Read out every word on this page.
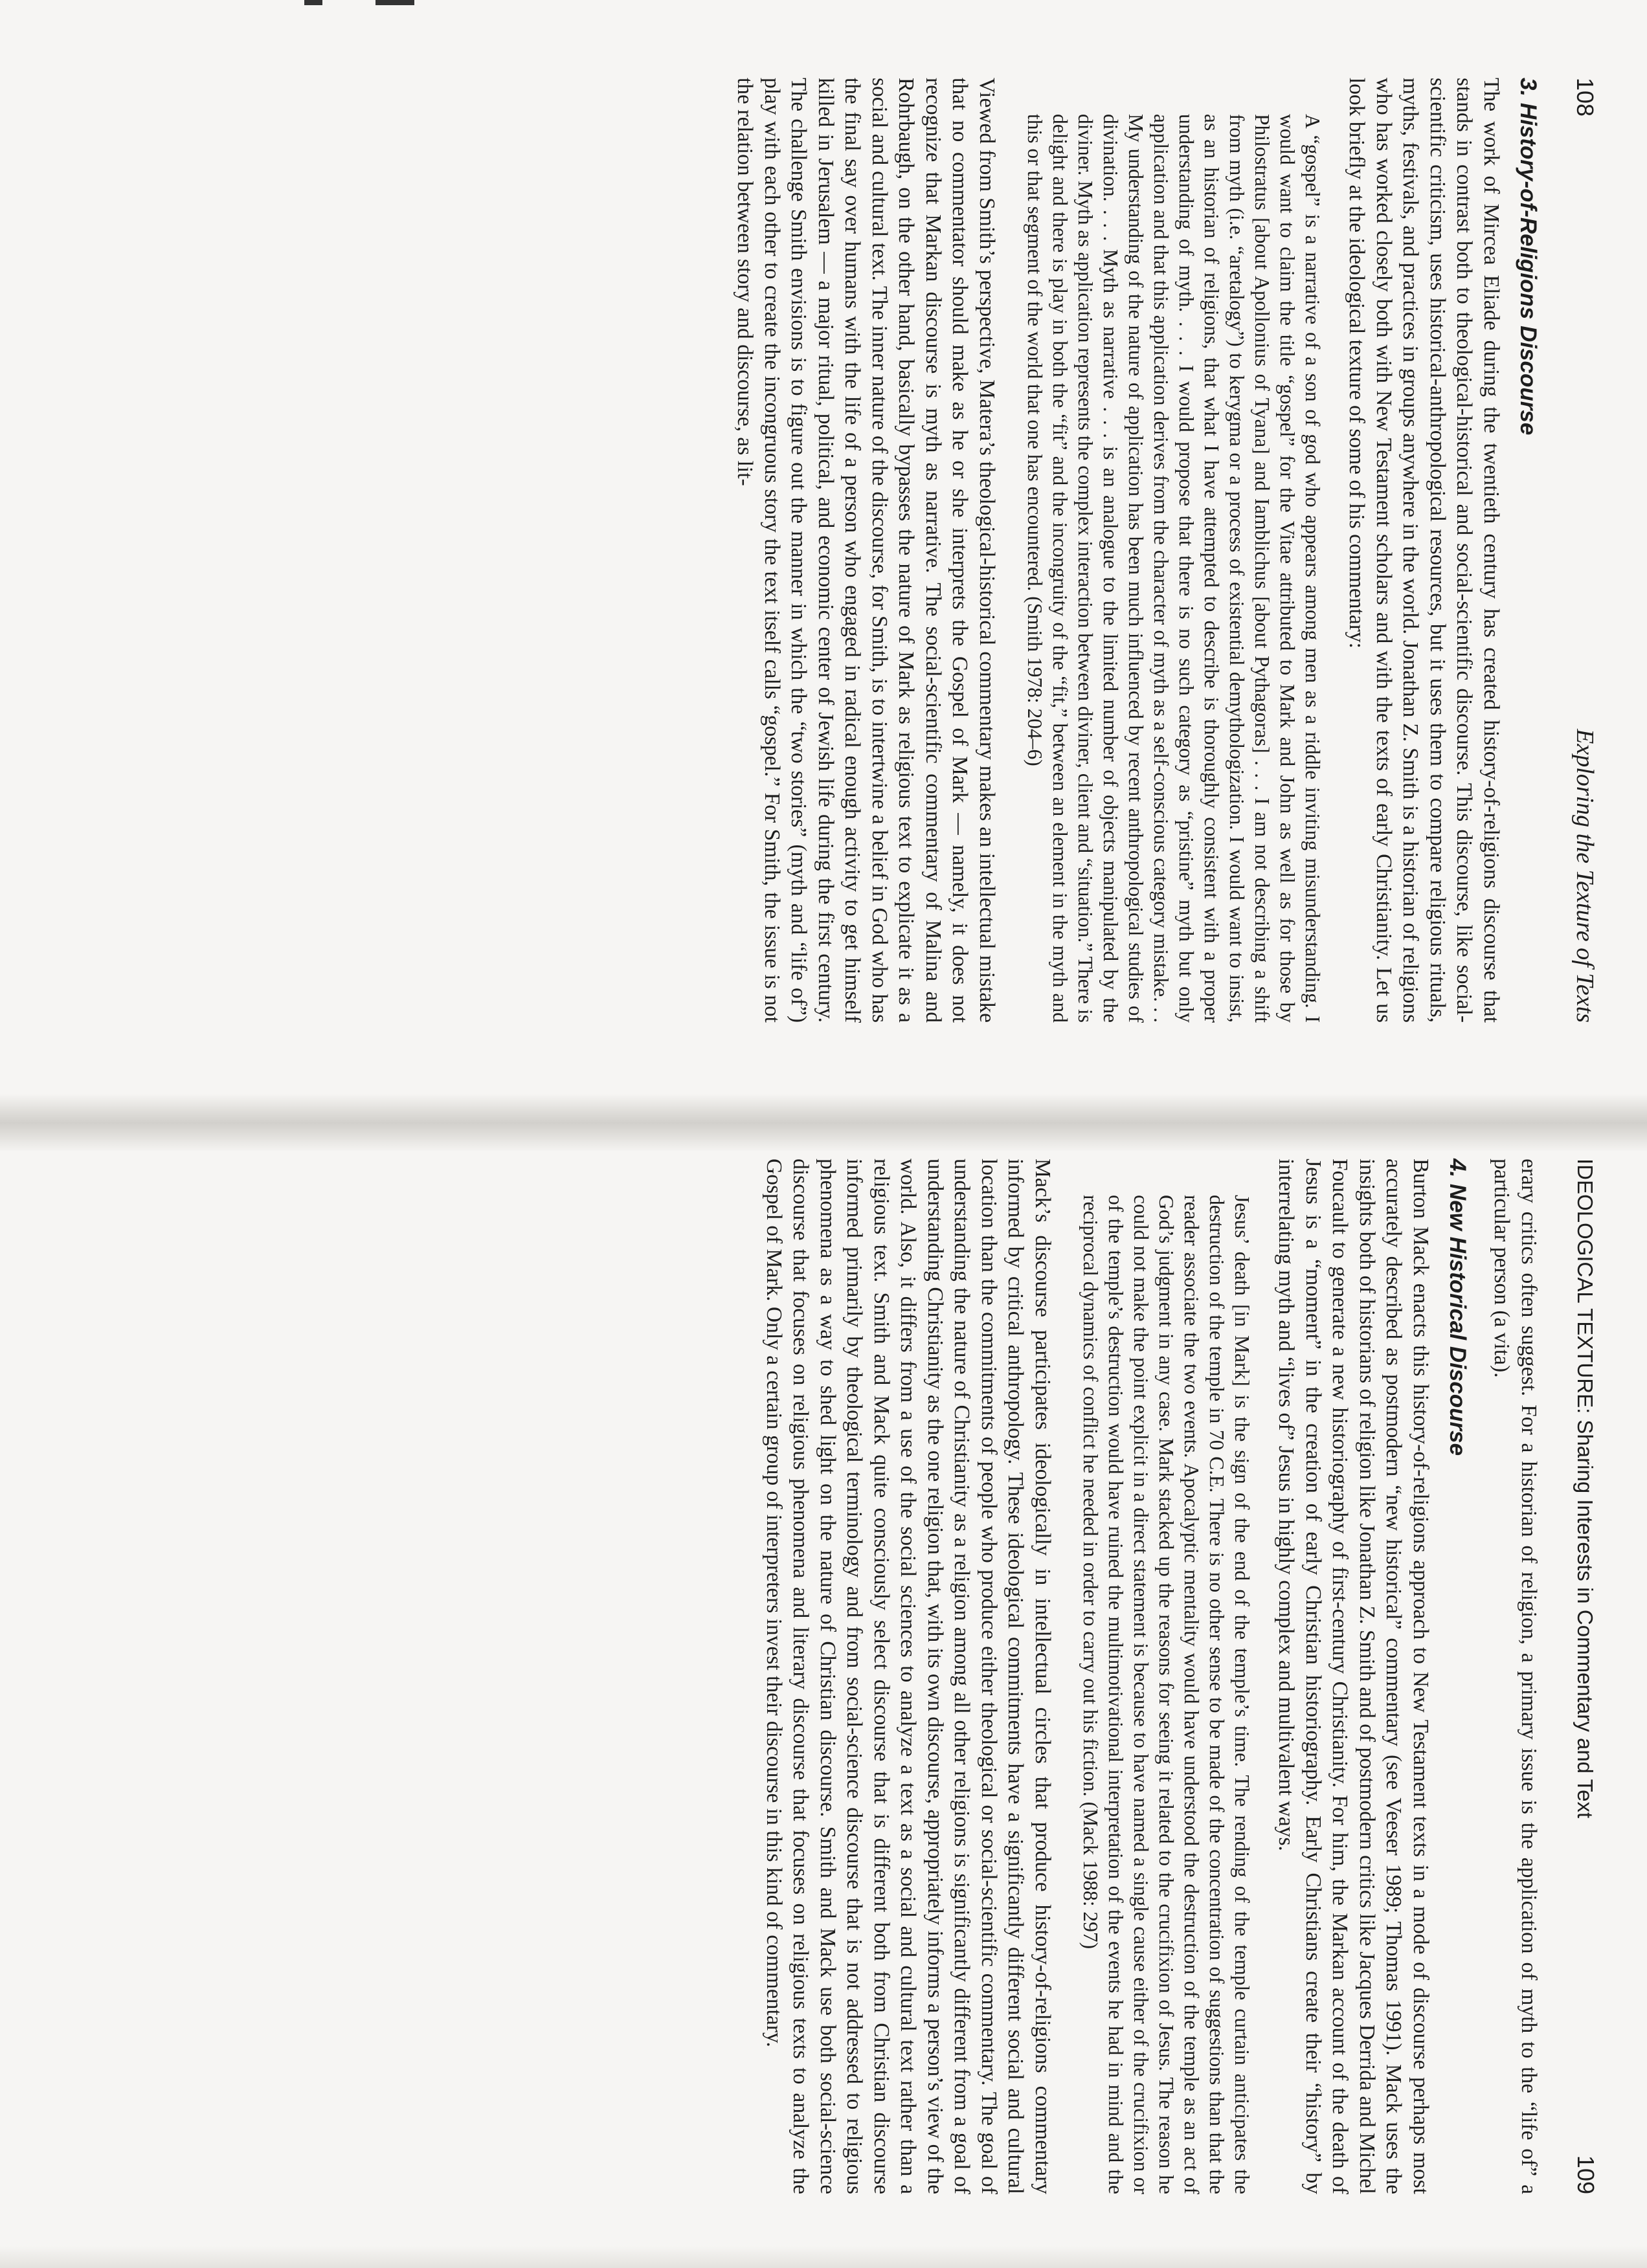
108
Exploring the Texture of Texts
3. History-of-Religions Discourse

The work of Mircea Eliade during the twentieth century has created history-of-religions discourse that stands in contrast both to theological-historical and social-scientific discourse. This discourse, like social-scientific criticism, uses historical-anthropological resources, but it uses them to compare religious rituals, myths, festivals, and practices in groups anywhere in the world. Jonathan Z. Smith is a historian of religions who has worked closely both with New Testament scholars and with the texts of early Christianity. Let us look briefly at the ideological texture of some of his commentary:

A “gospel” is a narrative of a son of god who appears among men as a riddle inviting misunderstanding. I would want to claim the title “gospel” for the Vitae attributed to Mark and John as well as for those by Philostratus [about Apollonius of Tyana] and Iamblichus [about Pythagoras] . . . I am not describing a shift from myth (i.e. “aretalogy”) to kerygma or a process of existential demythologization. I would want to insist, as an historian of religions, that what I have attempted to describe is thoroughly consistent with a proper understanding of myth. . . . I would propose that there is no such category as “pristine” myth but only application and that this application derives from the character of myth as a self-conscious category mistake. . . My understanding of the nature of application has been much influenced by recent anthropological studies of divination. . . . Myth as narrative . . . is an analogue to the limited number of objects manipulated by the diviner. Myth as application represents the complex interaction between diviner, client and “situation.” There is delight and there is play in both the “fit” and the incongruity of the “fit,” between an element in the myth and this or that segment of the world that one has encountered. (Smith 1978: 204–6)

Viewed from Smith’s perspective, Matera’s theological-historical commentary makes an intellectual mistake that no commentator should make as he or she interprets the Gospel of Mark — namely, it does not recognize that Markan discourse is myth as narrative. The social-scientific commentary of Malina and Rohrbaugh, on the other hand, basically bypasses the nature of Mark as religious text to explicate it as a social and cultural text. The inner nature of the discourse, for Smith, is to intertwine a belief in God who has the final say over humans with the life of a person who engaged in radical enough activity to get himself killed in Jerusalem — a major ritual, political, and economic center of Jewish life during the first century. The challenge Smith envisions is to figure out the manner in which the “two stories” (myth and “life of”) play with each other to create the incongruous story the text itself calls “gospel.” For Smith, the issue is not the relation between story and discourse, as lit-

IDEOLOGICAL TEXTURE: Sharing Interests in Commentary and Text
109

erary critics often suggest. For a historian of religion, a primary issue is the application of myth to the “life of” a particular person (a vita).

4. New Historical Discourse

Burton Mack enacts this history-of-religions approach to New Testament texts in a mode of discourse perhaps most accurately described as postmodern “new historical” commentary (see Veeser 1989; Thomas 1991). Mack uses the insights both of historians of religion like Jonathan Z. Smith and of postmodern critics like Jacques Derrida and Michel Foucault to generate a new historiography of first-century Christianity. For him, the Markan account of the death of Jesus is a “moment” in the creation of early Christian historiography. Early Christians create their “history” by interrelating myth and “lives of” Jesus in highly complex and multivalent ways.

Jesus’ death [in Mark] is the sign of the end of the temple’s time. The rending of the temple curtain anticipates the destruction of the temple in 70 C.E. There is no other sense to be made of the concentration of suggestions than that the reader associate the two events. Apocalyptic mentality would have understood the destruction of the temple as an act of God’s judgment in any case. Mark stacked up the reasons for seeing it related to the crucifixion of Jesus. The reason he could not make the point explicit in a direct statement is because to have named a single cause either of the crucifixion or of the temple’s destruction would have ruined the multimotivational interpretation of the events he had in mind and the reciprocal dynamics of conflict he needed in order to carry out his fiction. (Mack 1988: 297)

Mack’s discourse participates ideologically in intellectual circles that produce history-of-religions commentary informed by critical anthropology. These ideological commitments have a significantly different social and cultural location than the commitments of people who produce either theological or social-scientific commentary. The goal of understanding the nature of Christianity as a religion among all other religions is significantly different from a goal of understanding Christianity as the one religion that, with its own discourse, appropriately informs a person’s view of the world. Also, it differs from a use of the social sciences to analyze a text as a social and cultural text rather than a religious text. Smith and Mack quite consciously select discourse that is different both from Christian discourse informed primarily by theological terminology and from social-science discourse that is not addressed to religious phenomena as a way to shed light on the nature of Christian discourse. Smith and Mack use both social-science discourse that focuses on religious phenomena and literary discourse that focuses on religious texts to analyze the Gospel of Mark. Only a certain group of interpreters invest their discourse in this kind of commentary.
